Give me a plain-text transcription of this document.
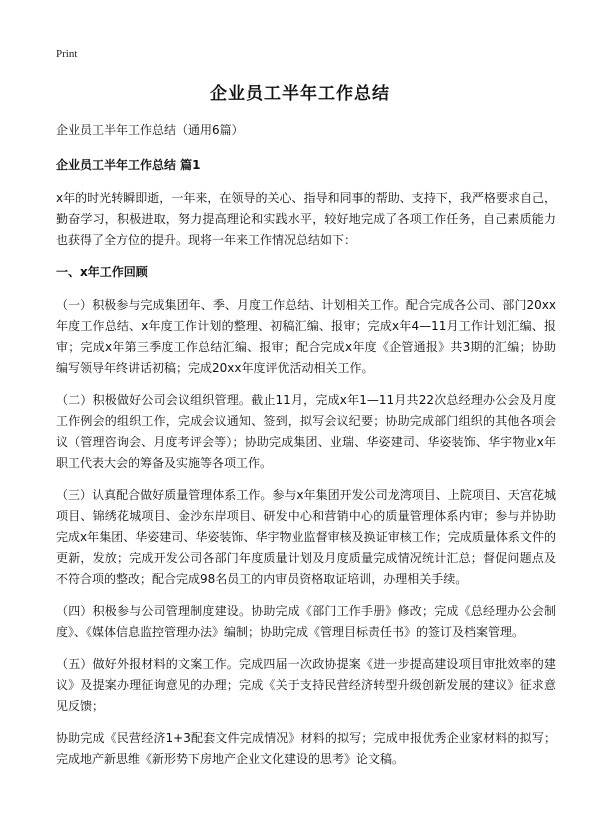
Print
企业员工半年工作总结

企业员工半年工作总结（通用6篇）

企业员工半年工作总结 篇1

x年的时光转瞬即逝，一年来，在领导的关心、指导和同事的帮助、支持下，我严格要求自己，勤奋学习，积极进取，努力提高理论和实践水平，较好地完成了各项工作任务，自己素质能力也获得了全方位的提升。现将一年来工作情况总结如下：

一、x年工作回顾

（一）积极参与完成集团年、季、月度工作总结、计划相关工作。配合完成各公司、部门20xx年度工作总结、x年度工作计划的整理、初稿汇编、报审；完成x年4—11月工作计划汇编、报审；完成x年第三季度工作总结汇编、报审；配合完成x年度《企管通报》共3期的汇编；协助编写领导年终讲话初稿；完成20xx年度评优活动相关工作。

（二）积极做好公司会议组织管理。截止11月，完成x年1—11月共22次总经理办公会及月度工作例会的组织工作，完成会议通知、签到，拟写会议纪要；协助完成部门组织的其他各项会议（管理咨询会、月度考评会等）；协助完成集团、业瑞、华姿建司、华姿装饰、华宇物业x年职工代表大会的筹备及实施等各项工作。

（三）认真配合做好质量管理体系工作。参与x年集团开发公司龙湾项目、上院项目、天宫花城项目、锦绣花城项目、金沙东岸项目、研发中心和营销中心的质量管理体系内审；参与并协助完成x年集团、华姿建司、华姿装饰、华宇物业监督审核及换证审核工作；完成质量体系文件的更新，发放；完成开发公司各部门年度质量计划及月度质量完成情况统计汇总；督促问题点及不符合项的整改；配合完成98名员工的内审员资格取证培训，办理相关手续。

（四）积极参与公司管理制度建设。协助完成《部门工作手册》修改；完成《总经理办公会制度》、《媒体信息监控管理办法》编制；协助完成《管理目标责任书》的签订及档案管理。

（五）做好外报材料的文案工作。完成四届一次政协提案《进一步提高建设项目审批效率的建议》及提案办理征询意见的办理；完成《关于支持民营经济转型升级创新发展的建议》征求意见反馈；

协助完成《民营经济1+3配套文件完成情况》材料的拟写；完成申报优秀企业家材料的拟写；完成地产新思维《新形势下房地产企业文化建设的思考》论文稿。
